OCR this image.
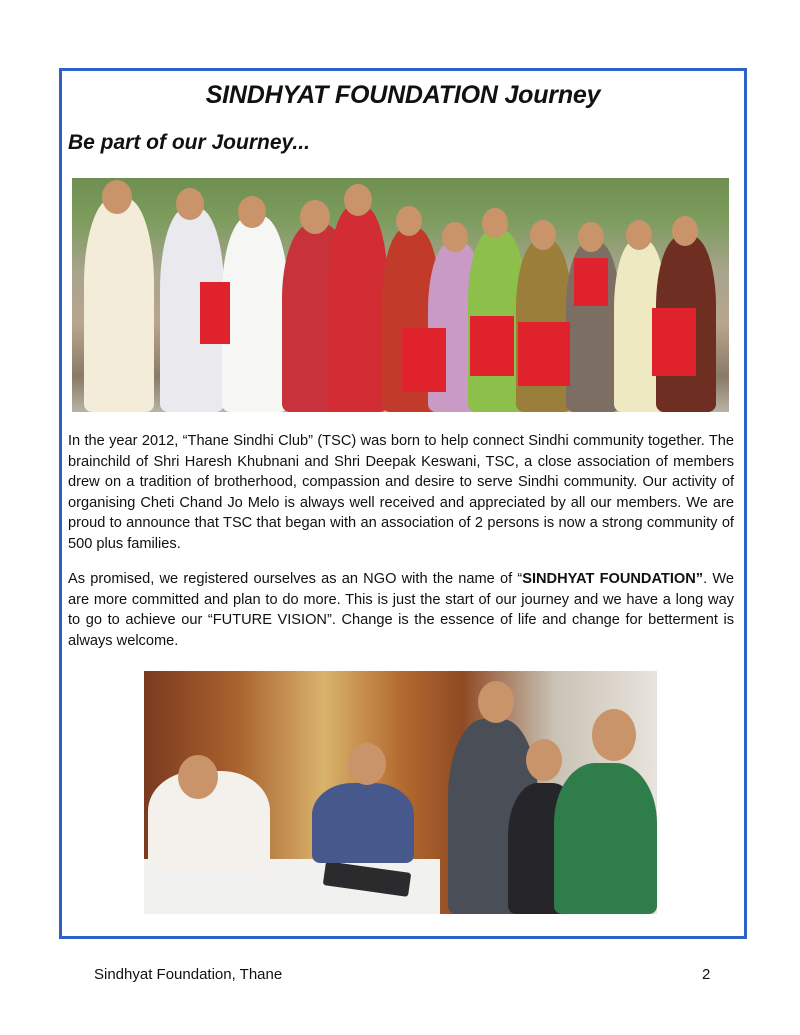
SINDHYAT FOUNDATION Journey
Be part of our Journey...
In the year 2012, “Thane Sindhi Club” (TSC) was born to help connect Sindhi community together. The brainchild of Shri Haresh Khubnani and Shri Deepak Keswani, TSC, a close association of members drew on a tradition of brotherhood, compassion and desire to serve Sindhi community. Our activity of organising Cheti Chand Jo Melo is always well received and appreciated by all our members. We are proud to announce that TSC that began with an association of 2 persons is now a strong community of 500 plus families.
As promised, we registered ourselves as an NGO with the name of “SINDHYAT FOUNDATION”. We are more committed and plan to do more. This is just the start of our journey and we have a long way to go to achieve our “FUTURE VISION”. Change is the essence of life and change for betterment is always welcome.
Sindhyat Foundation, Thane	2
